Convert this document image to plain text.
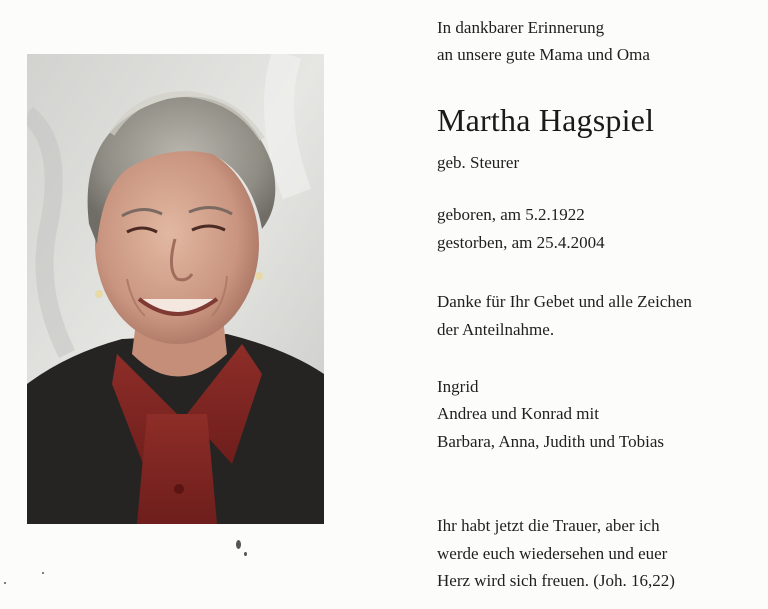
In dankbarer Erinnerung
an unsere gute Mama und Oma
Martha Hagspiel
geb. Steurer
geboren, am 5.2.1922
gestorben, am 25.4.2004
Danke für Ihr Gebet und alle Zeichen
der Anteilnahme.
Ingrid
Andrea und Konrad mit
Barbara, Anna, Judith und Tobias
Ihr habt jetzt die Trauer, aber ich
werde euch wiedersehen und euer
Herz wird sich freuen. (Joh. 16,22)
